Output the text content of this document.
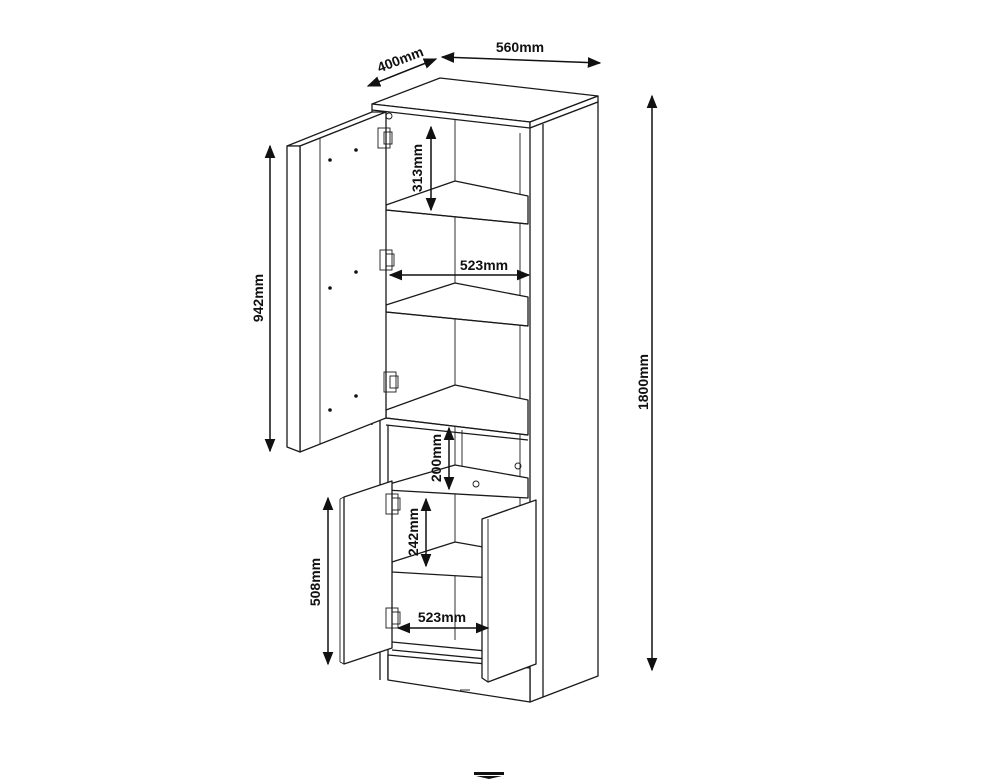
400mm	560mm
1800mm
942mm
508mm
313mm
523mm
200mm
242mm
523mm
